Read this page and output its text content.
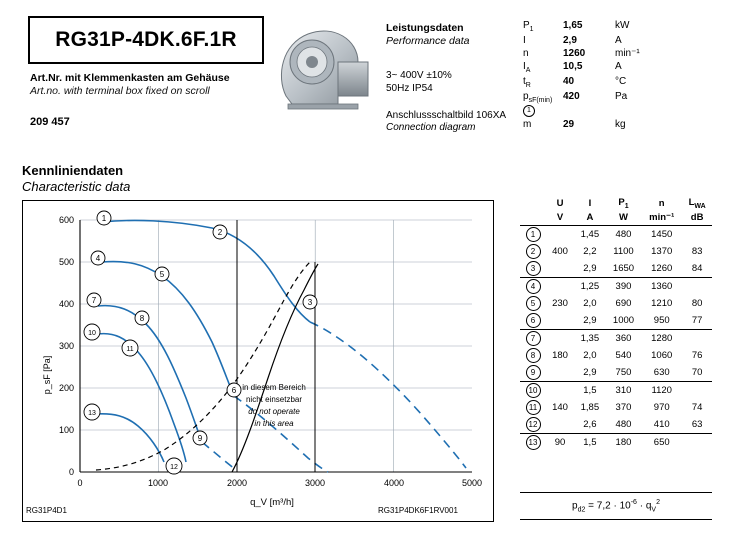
RG31P-4DK.6F.1R
Art.Nr. mit Klemmenkasten am Gehäuse
Art.no. with terminal box fixed on scroll
209 457
Leistungsdaten
Performance data
3~ 400V ±10%
50Hz IP54
Anschlussschaltbild 106XA
Connection diagram
$P_1$	1,65	kW
I	2,9	A
n	1260	min⁻¹
$I_A$	10,5	A
$t_R$	40	°C
$p_{sF(min)}$ 1	420	Pa
m	29	kg
Kennliniendaten
Characteristic data
600
500
400
300
200
100
0
0	1000	2000	3000	4000	5000
p_sF [Pa]
q_V [m³/h]
in diesem Bereich
nicht einsetzbar
do not operate
in this area
1
2
3
4
5
6
7
8
9
10
11
12
13
RG31P4D1	RG31P4DK6F1RV001
	U	I	$P_1$	n	$L_{WA}$
	V	A	W	min⁻¹	dB
1		1,45	480	1450	
2	400	2,2	1100	1370	83
3		2,9	1650	1260	84
4		1,25	390	1360	
5	230	2,0	690	1210	80
6		2,9	1000	950	77
7		1,35	360	1280	
8	180	2,0	540	1060	76
9		2,9	750	630	70
10		1,5	310	1120	
11	140	1,85	370	970	74
12		2,6	480	410	63
13	90	1,5	180	650	
$p_{d2} = 7,2 \cdot 10^{-6} \cdot q_V^2$
